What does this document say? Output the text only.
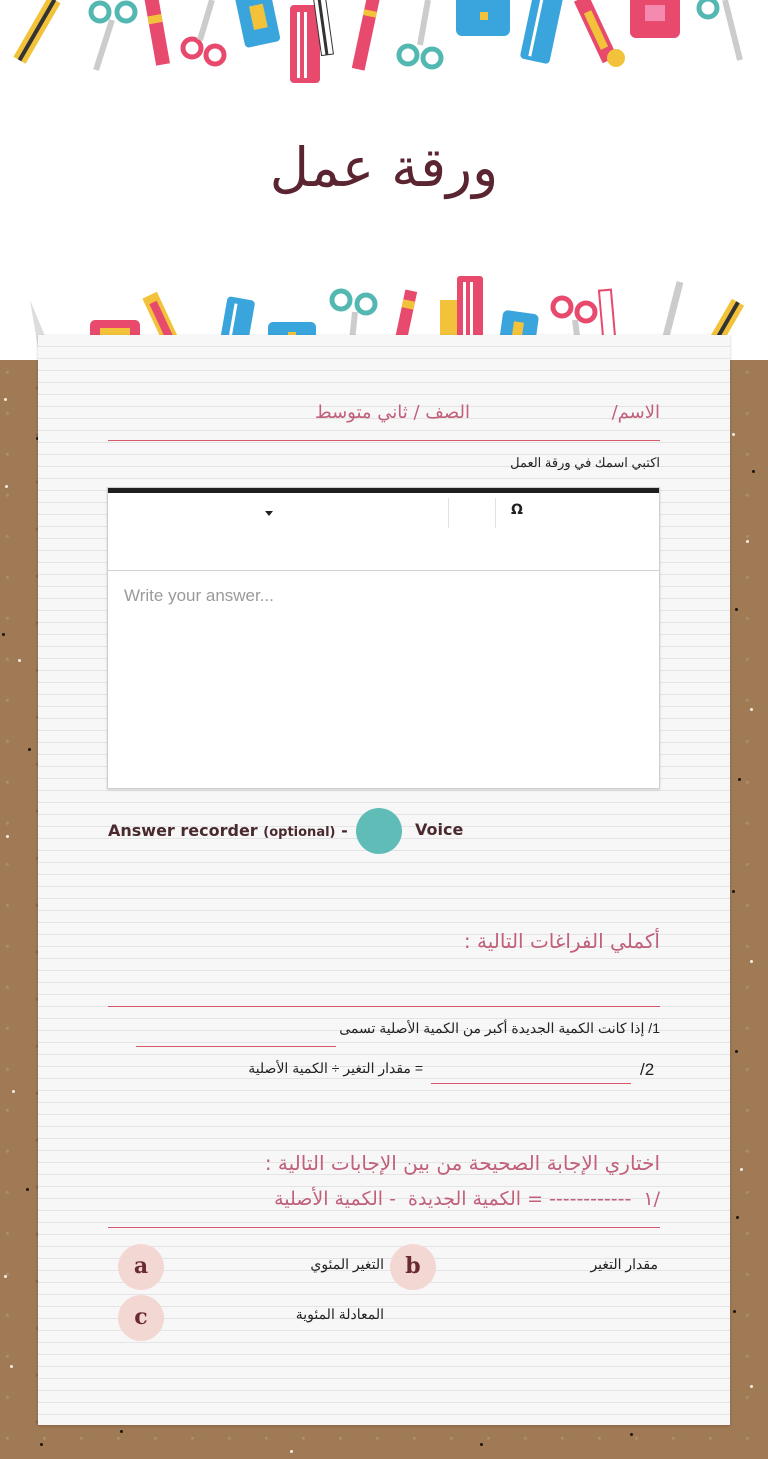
ورقة عمل
الاسم/
الصف / ثاني متوسط
اكتبي اسمك في ورقة العمل
Ω
Write your answer...
Answer recorder (optional) -	Voice
أكملي الفراغات التالية :
1/ إذا كانت الكمية الجديدة أكبر من الكمية الأصلية تسمى
/2
= مقدار التغير ÷ الكمية الأصلية
اختاري الإجابة الصحيحة من بين الإجابات التالية :
/١  ------------ = الكمية الجديدة  - الكمية الأصلية
a	مقدار التغير
b
التغير المئوي
c	المعادلة المئوية
